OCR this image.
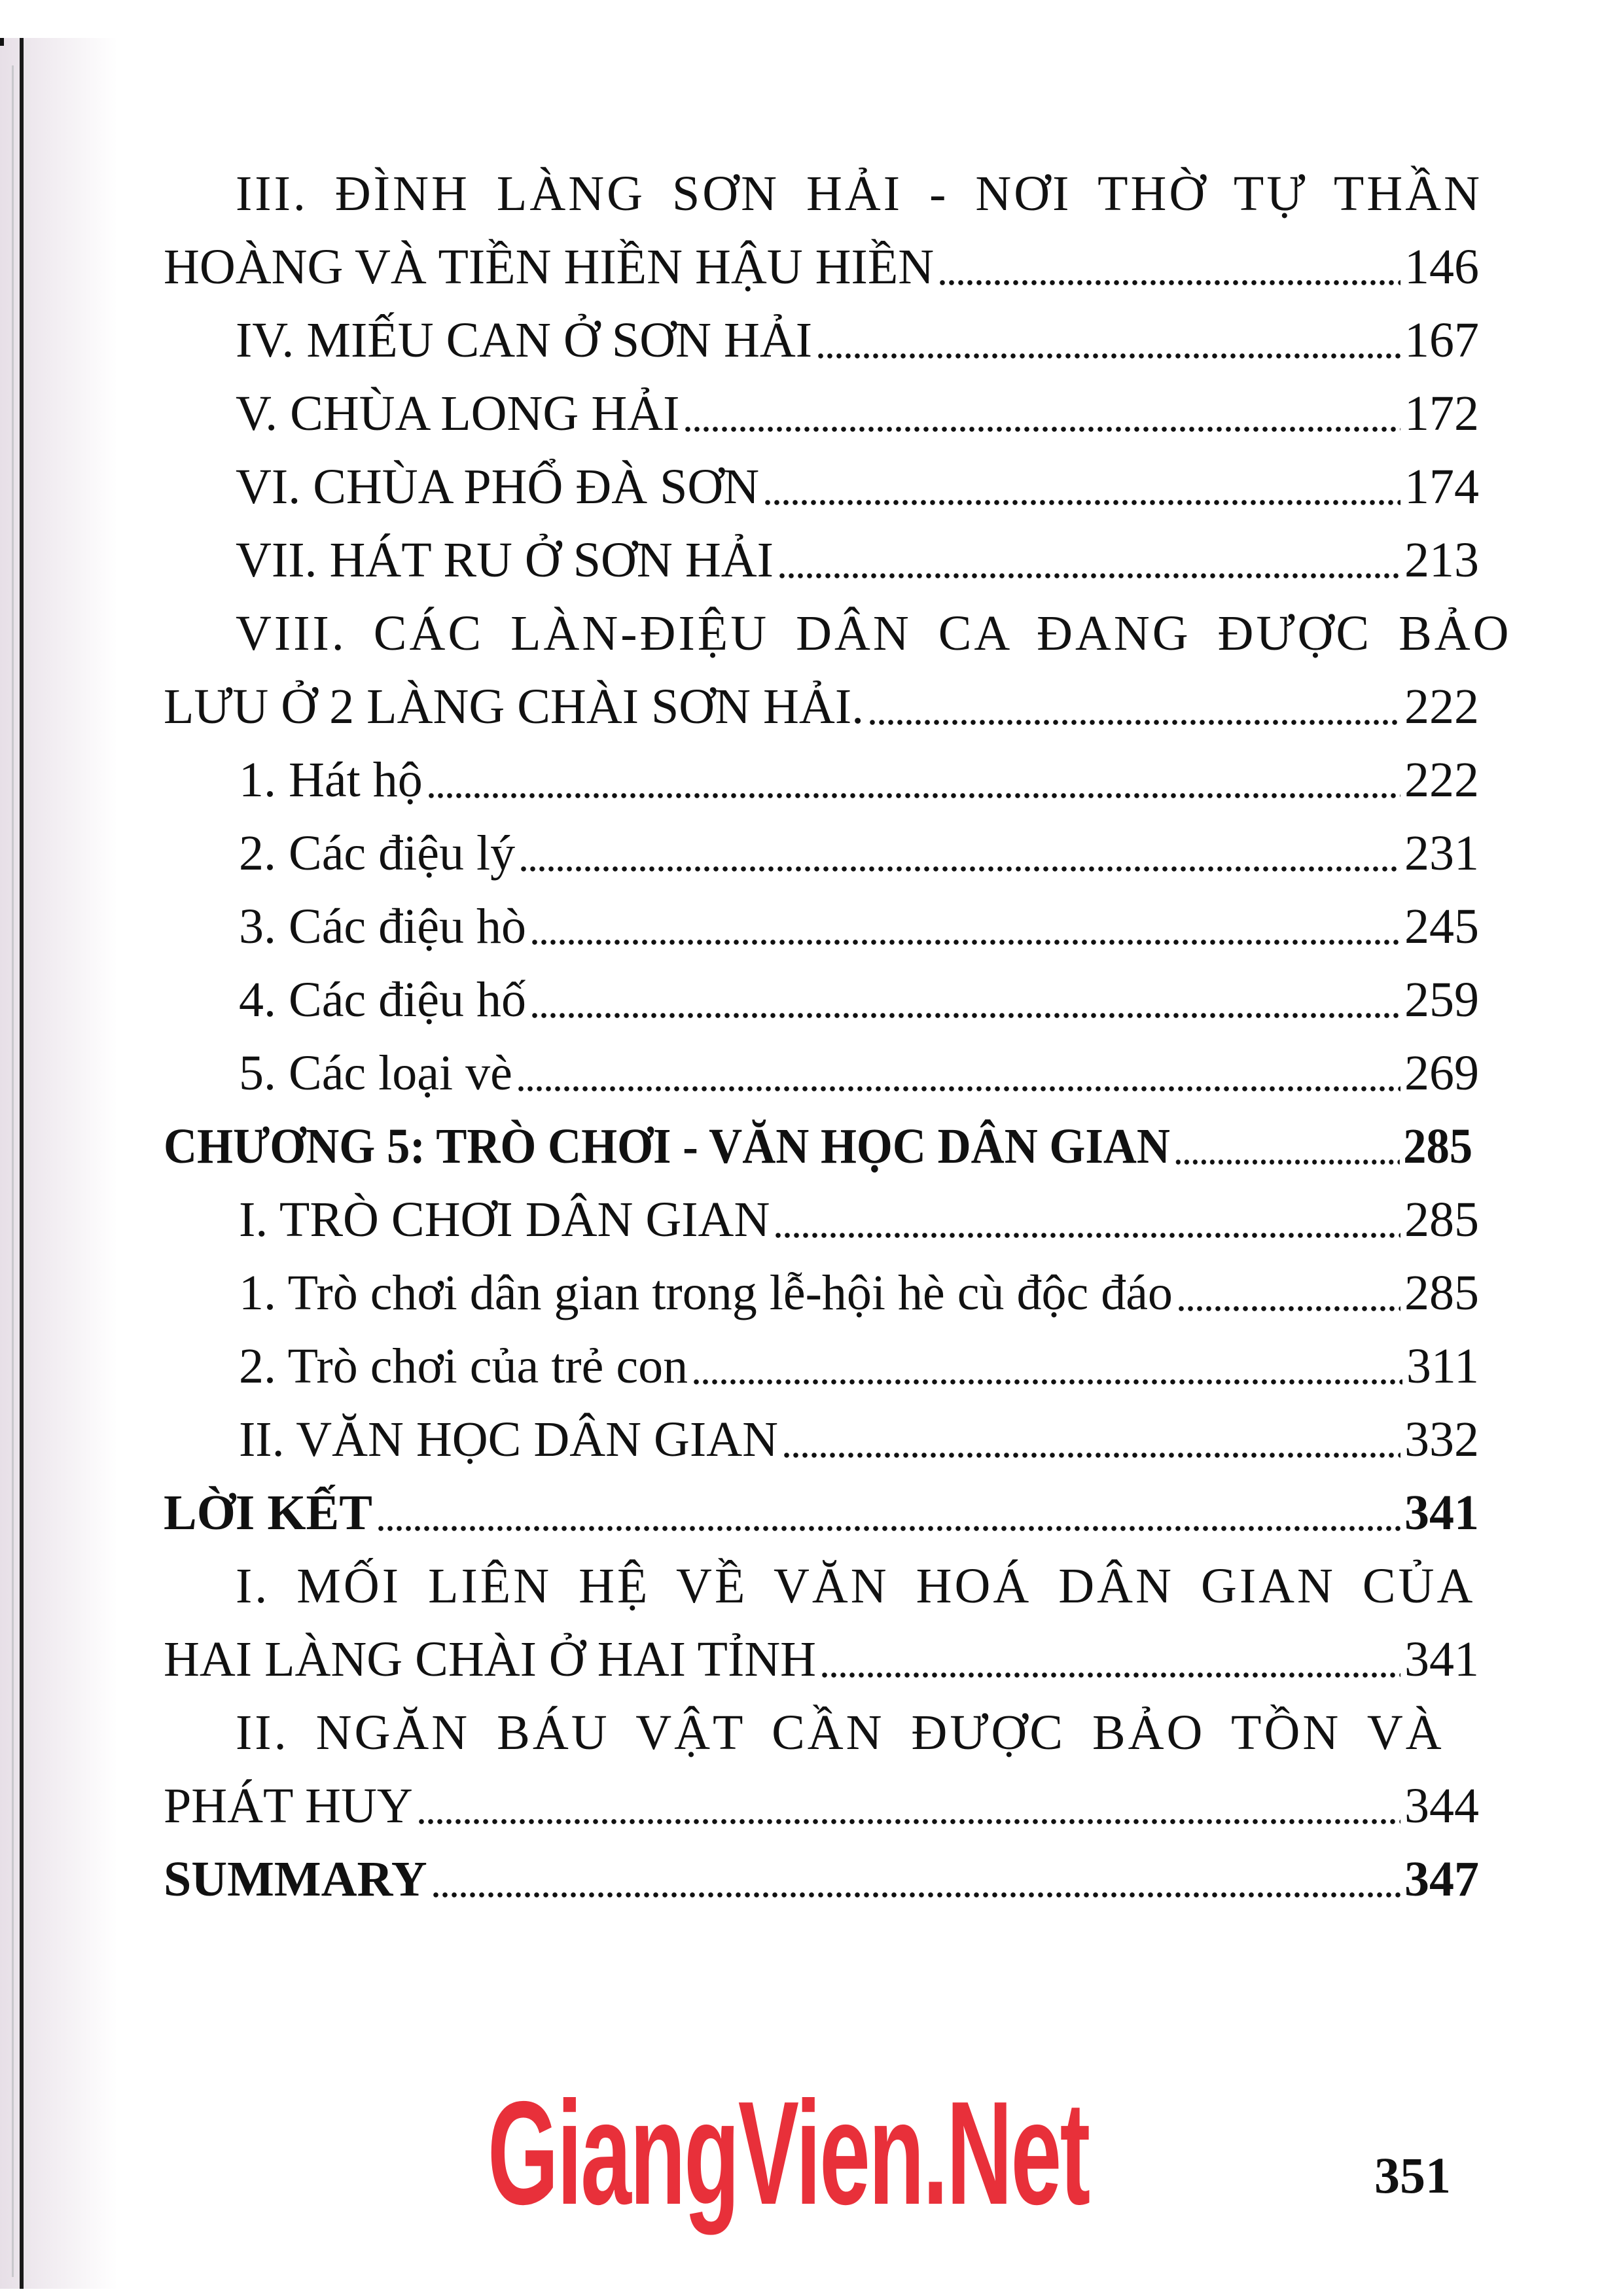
III. ĐÌNH LÀNG SƠN HẢI - NƠI THỜ TỰ THẦN
HOÀNG VÀ TIỀN HIỀN HẬU HIỀN	146
IV. MIẾU CAN Ở SƠN HẢI	167
V. CHÙA LONG HẢI	172
VI. CHÙA PHỔ ĐÀ SƠN	174
VII. HÁT RU Ở SƠN HẢI	213
VIII. CÁC LÀN-ĐIỆU DÂN CA ĐANG ĐƯỢC BẢO
LƯU Ở 2 LÀNG CHÀI SƠN HẢI.	222
1. Hát hộ	222
2. Các điệu lý	231
3. Các điệu hò	245
4. Các điệu hố	259
5. Các loại vè	269
CHƯƠNG 5: TRÒ CHƠI - VĂN HỌC DÂN GIAN	285
I. TRÒ CHƠI DÂN GIAN	285
1. Trò chơi dân gian trong lễ-hội hè cù độc đáo	285
2. Trò chơi của trẻ con	311
II. VĂN HỌC DÂN GIAN	332
LỜI KẾT	341
I. MỐI LIÊN HỆ VỀ VĂN HOÁ DÂN GIAN CỦA
HAI LÀNG CHÀI Ở HAI TỈNH	341
II. NGĂN BÁU VẬT CẦN ĐƯỢC BẢO TỒN VÀ
PHÁT HUY	344
SUMMARY	347
GiangVien.Net	351
